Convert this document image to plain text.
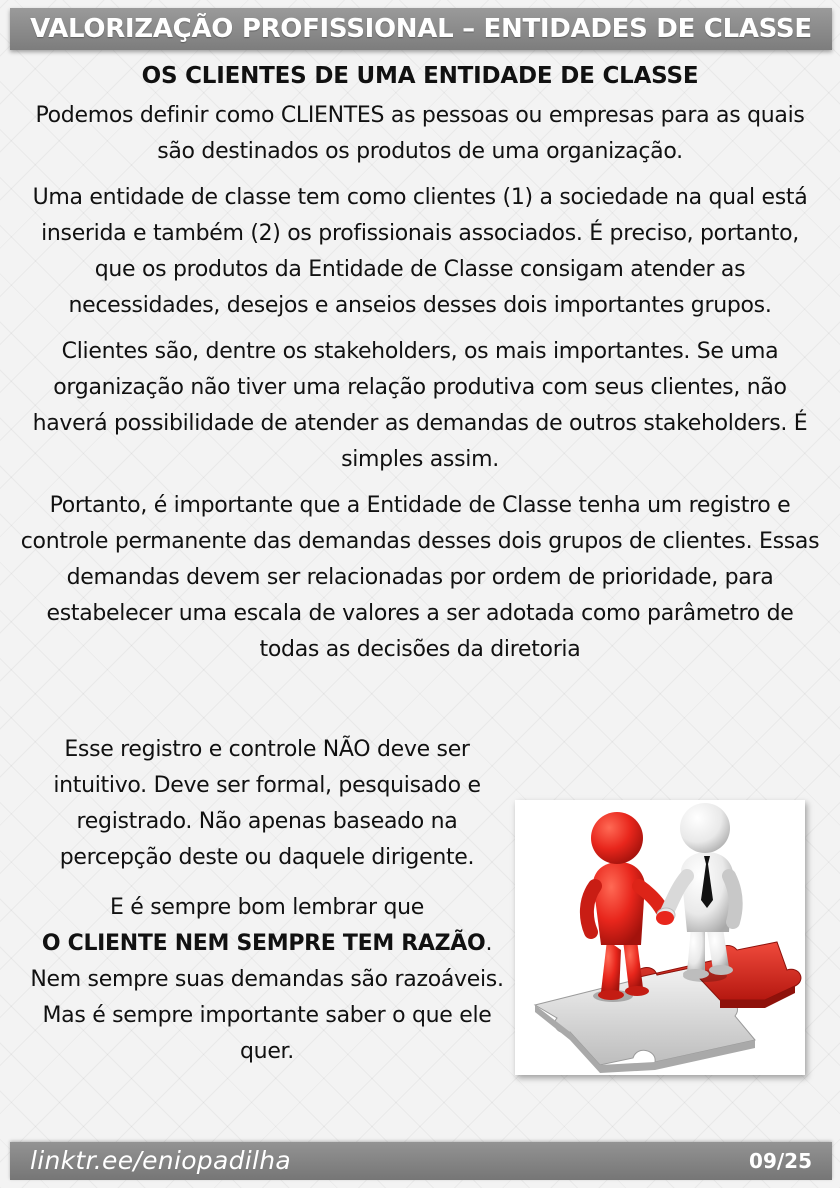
VALORIZAÇÃO PROFISSIONAL – ENTIDADES DE CLASSE
OS CLIENTES DE UMA ENTIDADE DE CLASSE

Podemos definir como CLIENTES as pessoas ou empresas para as quais são destinados os produtos de uma organização.

Uma entidade de classe tem como clientes (1) a sociedade na qual está inserida e também (2) os profissionais associados. É preciso, portanto, que os produtos da Entidade de Classe consigam atender as necessidades, desejos e anseios desses dois importantes grupos.

Clientes são, dentre os stakeholders, os mais importantes. Se uma organização não tiver uma relação produtiva com seus clientes, não haverá possibilidade de atender as demandas de outros stakeholders. É simples assim.

Portanto, é importante que a Entidade de Classe tenha um registro e controle permanente das demandas desses dois grupos de clientes. Essas demandas devem ser relacionadas por ordem de prioridade, para estabelecer uma escala de valores a ser adotada como parâmetro de todas as decisões da diretoria

Esse registro e controle NÃO deve ser intuitivo. Deve ser formal, pesquisado e registrado. Não apenas baseado na percepção deste ou daquele dirigente.

E é sempre bom lembrar que
O CLIENTE NEM SEMPRE TEM RAZÃO. Nem sempre suas demandas são razoáveis. Mas é sempre importante saber o que ele quer.

linktr.ee/eniopadilha	09/25
